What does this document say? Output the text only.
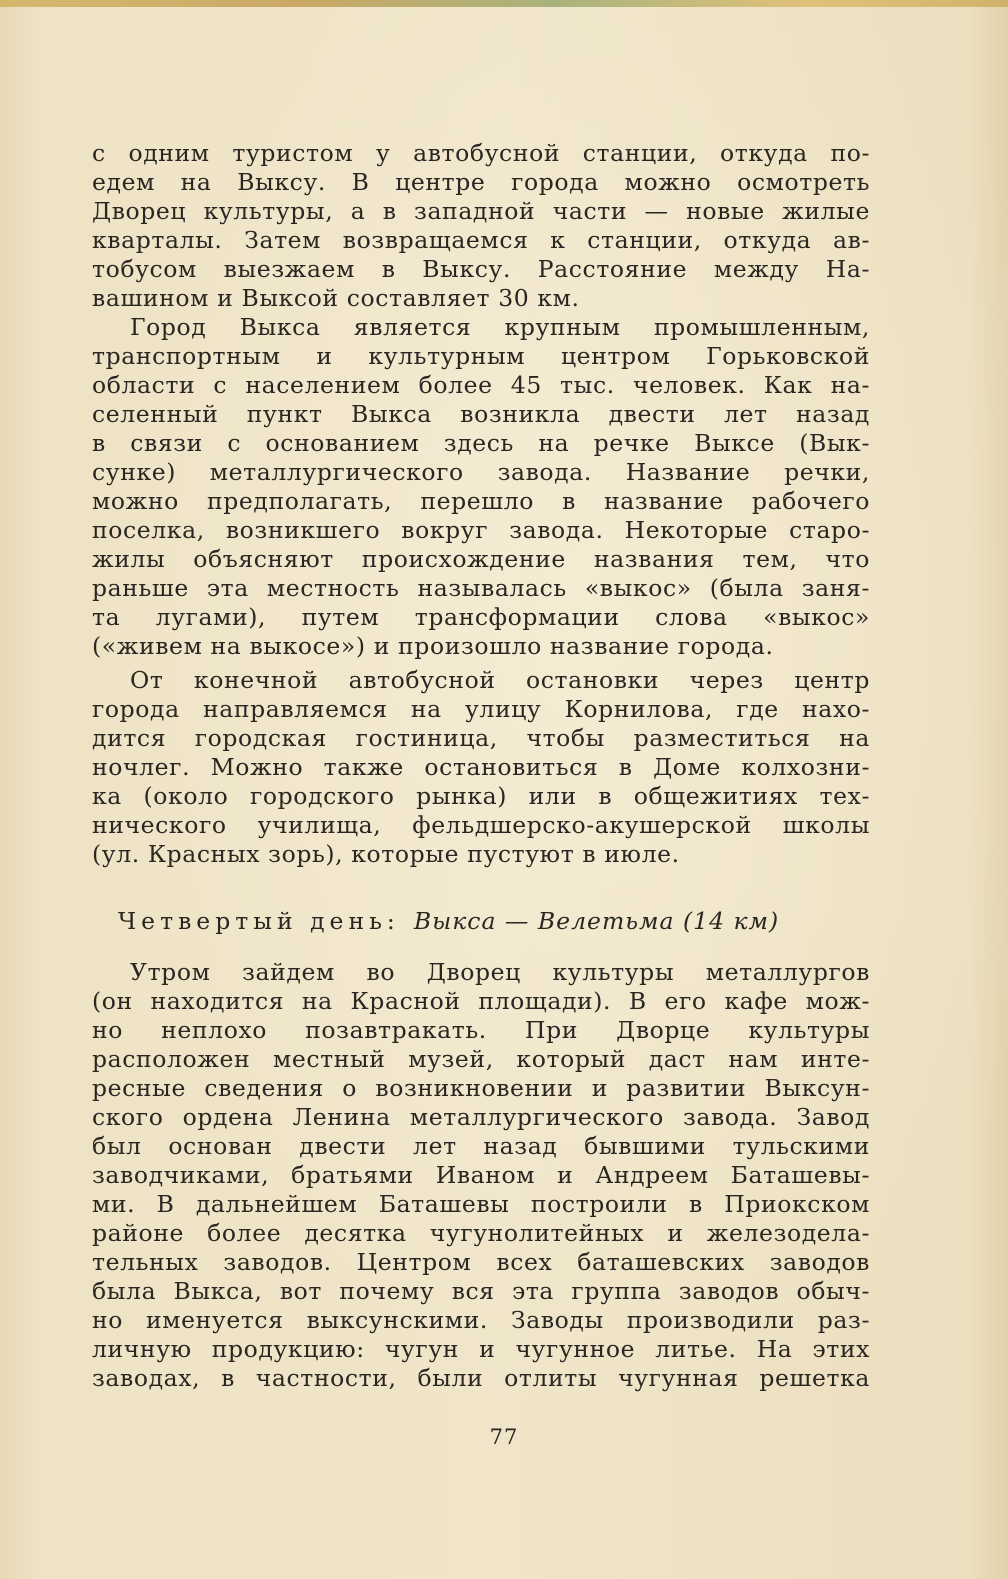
с одним туристом у автобусной станции, откуда по-
едем на Выксу. В центре города можно осмотреть
Дворец культуры, а в западной части — новые жилые
кварталы. Затем возвращаемся к станции, откуда ав-
тобусом выезжаем в Выксу. Расстояние между На-
вашином и Выксой составляет 30 км.
Город Выкса является крупным промышленным,
транспортным и культурным центром Горьковской
области с населением более 45 тыс. человек. Как на-
селенный пункт Выкса возникла двести лет назад
в связи с основанием здесь на речке Выксе (Вык-
сунке) металлургического завода. Название речки,
можно предполагать, перешло в название рабочего
поселка, возникшего вокруг завода. Некоторые старо-
жилы объясняют происхождение названия тем, что
раньше эта местность называлась «выкос» (была заня-
та лугами), путем трансформации слова «выкос»
(«живем на выкосе») и произошло название города.
От конечной автобусной остановки через центр
города направляемся на улицу Корнилова, где нахо-
дится городская гостиница, чтобы разместиться на
ночлег. Можно также остановиться в Доме колхозни-
ка (около городского рынка) или в общежитиях тех-
нического училища, фельдшерско-акушерской школы
(ул. Красных зорь), которые пустуют в июле.
Четвертый день: Выкса — Велетьма (14 км)
Утром зайдем во Дворец культуры металлургов
(он находится на Красной площади). В его кафе мож-
но неплохо позавтракать. При Дворце культуры
расположен местный музей, который даст нам инте-
ресные сведения о возникновении и развитии Выксун-
ского ордена Ленина металлургического завода. Завод
был основан двести лет назад бывшими тульскими
заводчиками, братьями Иваном и Андреем Баташевы-
ми. В дальнейшем Баташевы построили в Приокском
районе более десятка чугунолитейных и железодела-
тельных заводов. Центром всех баташевских заводов
была Выкса, вот почему вся эта группа заводов обыч-
но именуется выксунскими. Заводы производили раз-
личную продукцию: чугун и чугунное литье. На этих
заводах, в частности, были отлиты чугунная решетка
77
